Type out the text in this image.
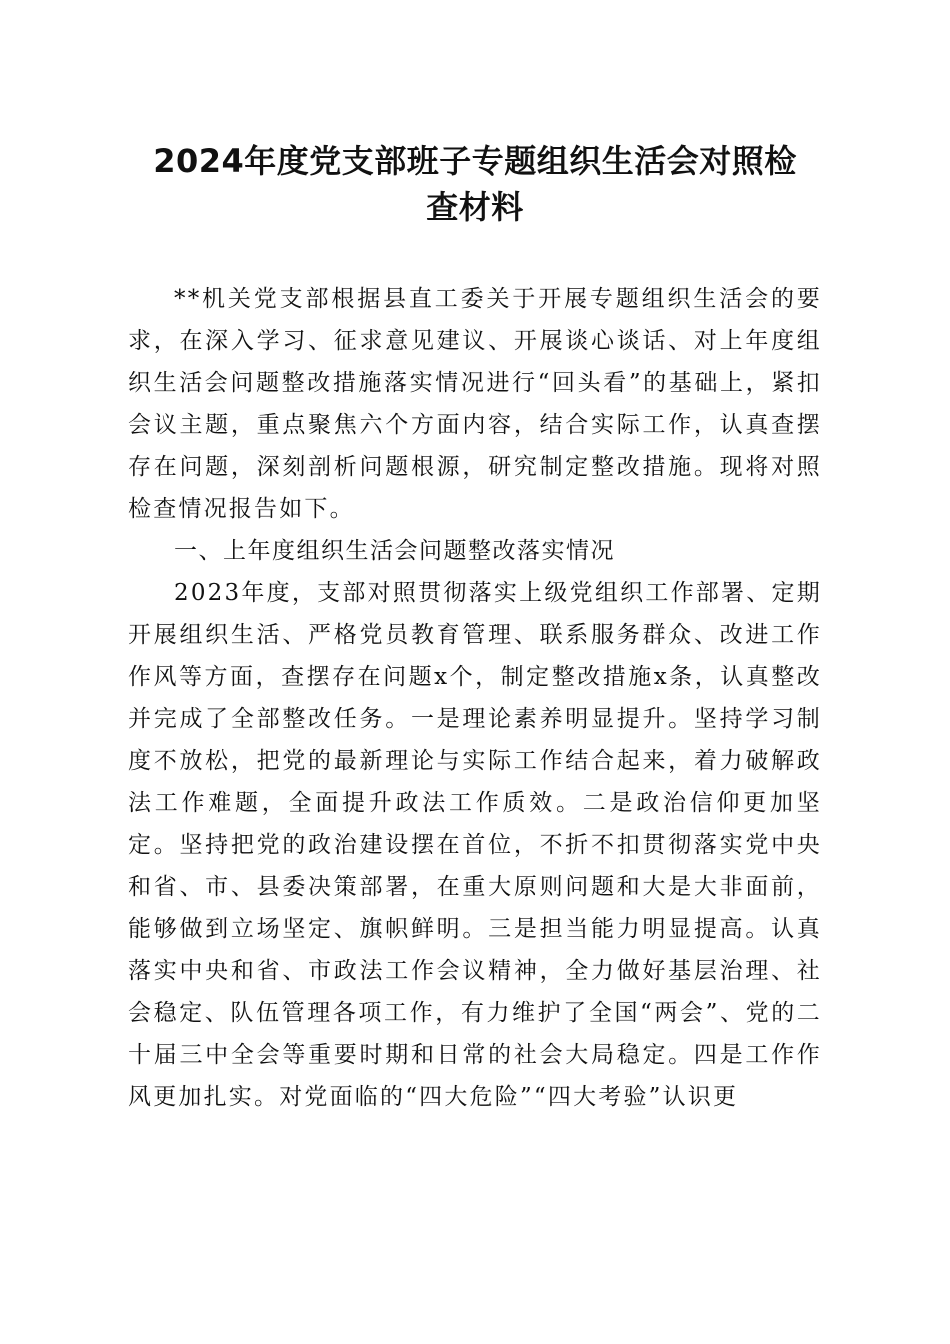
2024年度党支部班子专题组织生活会对照检
查材料

**机关党支部根据县直工委关于开展专题组织生活会的要求，在深入学习、征求意见建议、开展谈心谈话、对上年度组织生活会问题整改措施落实情况进行“回头看”的基础上，紧扣会议主题，重点聚焦六个方面内容，结合实际工作，认真查摆存在问题，深刻剖析问题根源，研究制定整改措施。现将对照检查情况报告如下。

一、上年度组织生活会问题整改落实情况

2023年度，支部对照贯彻落实上级党组织工作部署、定期开展组织生活、严格党员教育管理、联系服务群众、改进工作作风等方面，查摆存在问题x个，制定整改措施x条，认真整改并完成了全部整改任务。一是理论素养明显提升。坚持学习制度不放松，把党的最新理论与实际工作结合起来，着力破解政法工作难题，全面提升政法工作质效。二是政治信仰更加坚定。坚持把党的政治建设摆在首位，不折不扣贯彻落实党中央和省、市、县委决策部署，在重大原则问题和大是大非面前，能够做到立场坚定、旗帜鲜明。三是担当能力明显提高。认真落实中央和省、市政法工作会议精神，全力做好基层治理、社会稳定、队伍管理各项工作，有力维护了全国“两会”、党的二十届三中全会等重要时期和日常的社会大局稳定。四是工作作风更加扎实。对党面临的“四大危险”“四大考验”认识更
